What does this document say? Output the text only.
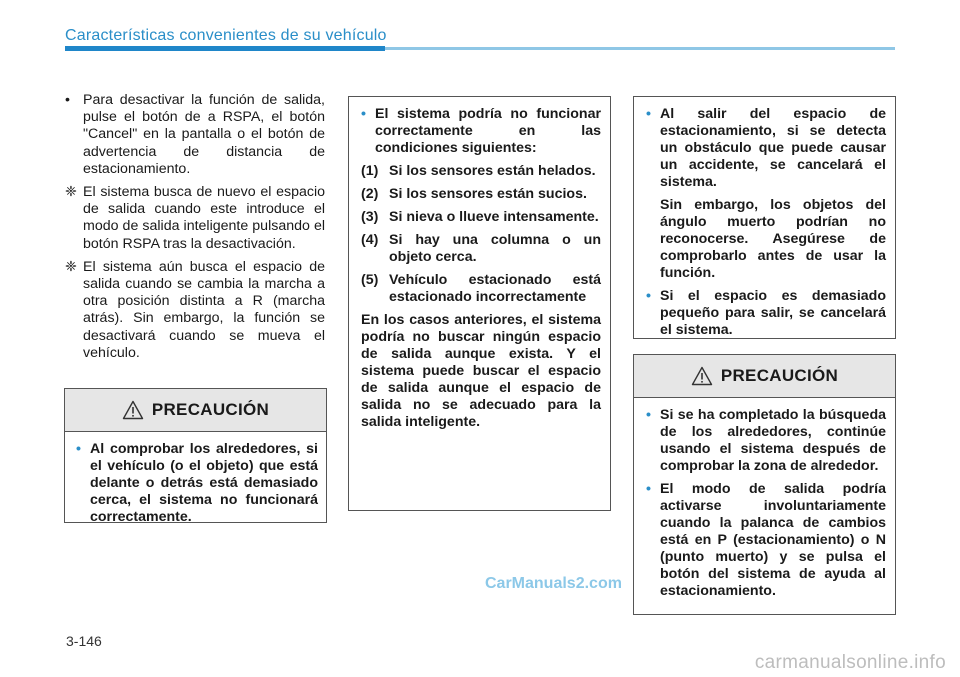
Características convenientes de su vehículo

• Para desactivar la función de salida, pulse el botón de a RSPA, el botón "Cancel" en la pantalla o el botón de advertencia de distancia de estacionamiento.

❈ El sistema busca de nuevo el espacio de salida cuando este introduce el modo de salida inteligente pulsando el botón RSPA tras la desactivación.

❈ El sistema aún busca el espacio de salida cuando se cambia la marcha a otra posición distinta a R (marcha atrás). Sin embargo, la función se desactivará cuando se mueva el vehículo.

PRECAUCIÓN

• Al comprobar los alrededores, si el vehículo (o el objeto) que está delante o detrás está demasiado cerca, el sistema no funcionará correctamente.

• El sistema podría no funcionar correctamente en las condiciones siguientes:

(1) Si los sensores están helados.

(2) Si los sensores están sucios.

(3) Si nieva o llueve intensamente.

(4) Si hay una columna o un objeto cerca.

(5) Vehículo estacionado está estacionado incorrectamente

En los casos anteriores, el sistema podría no buscar ningún espacio de salida aunque exista. Y el sistema puede buscar el espacio de salida aunque el espacio de salida no se adecuado para la salida inteligente.

• Al salir del espacio de estacionamiento, si se detecta un obstáculo que puede causar un accidente, se cancelará el sistema.

Sin embargo, los objetos del ángulo muerto podrían no reconocerse. Asegúrese de comprobarlo antes de usar la función.

• Si el espacio es demasiado pequeño para salir, se cancelará el sistema.

PRECAUCIÓN

• Si se ha completado la búsqueda de los alrededores, continúe usando el sistema después de comprobar la zona de alrededor.

• El modo de salida podría activarse involuntariamente cuando la palanca de cambios está en P (estacionamiento) o N (punto muerto) y se pulsa el botón del sistema de ayuda al estacionamiento.

CarManuals2.com
3-146
carmanualsonline.info
